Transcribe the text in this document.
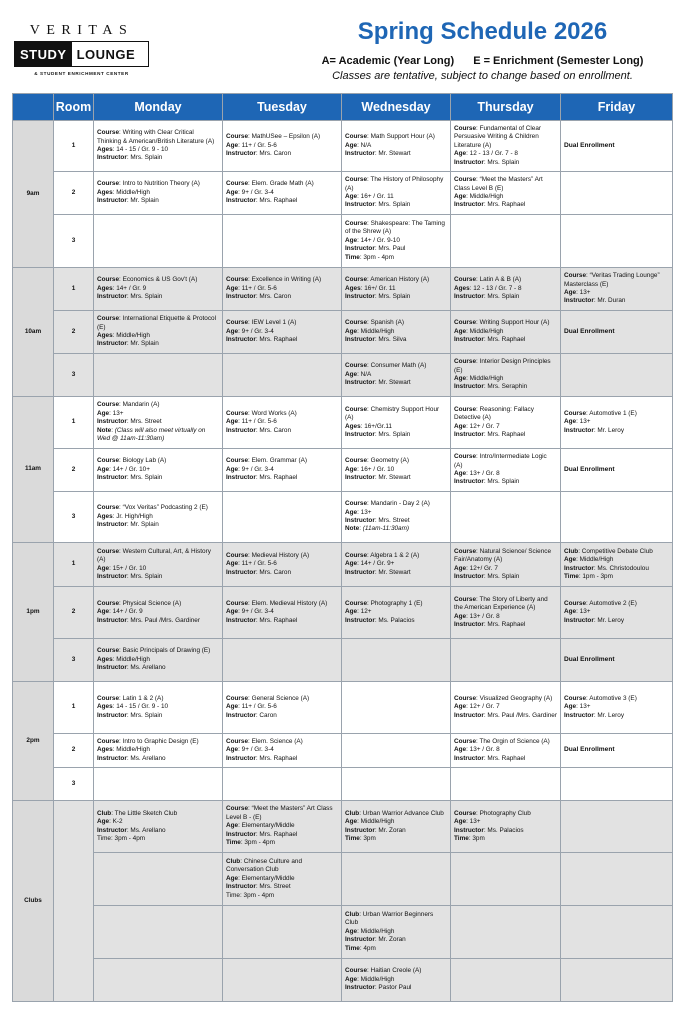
VERITAS
STUDY LOUNGE
& STUDENT ENRICHMENT CENTER
Spring Schedule 2026
A= Academic (Year Long) E = Enrichment (Semester Long)
Classes are tentative, subject to change based on enrollment.
	Room	Monday	Tuesday	Wednesday	Thursday	Friday
9am	1	Course: Writing with Clear Critical Thinking & American/British Literature (A)
Ages: 14 - 15 / Gr. 9 - 10
Instructor: Mrs. Splain	Course: MathUSee – Epsilon (A)
Age: 11+ / Gr. 5-6
Instructor: Mrs. Caron	Course: Math Support Hour (A)
Age: N/A
Instructor: Mr. Stewart	Course: Fundamental of Clear Persuasive Writing & Children Literature (A)
Age: 12 - 13 / Gr. 7 - 8
Instructor: Mrs. Splain	Dual Enrollment
	2	Course: Intro to Nutrition Theory (A)
Ages: Middle/High
Instructor: Mr. Splain	Course: Elem. Grade Math (A)
Age: 9+ / Gr. 3-4
Instructor: Mrs. Raphael	Course: The History of Philosophy (A)
Age: 16+ / Gr. 11
Instructor: Mrs. Splain	Course: “Meet the Masters” Art Class Level B (E)
Age: Middle/High
Instructor: Mrs. Raphael	

	3			Course: Shakespeare: The Taming of the Shrew (A)
Age: 14+ / Gr. 9-10
Instructor: Mrs. Paul
Time: 3pm - 4pm		

10am	1	Course: Economics & US Gov't (A)
Ages: 14+ / Gr. 9
Instructor: Mrs. Splain	Course: Excellence in Writing (A)
Age: 11+ / Gr. 5-6
Instructor: Mrs. Caron	Course: American History (A)
Ages: 16+/ Gr. 11
Instructor: Mrs. Splain	Course: Latin A & B (A)
Ages: 12 - 13 / Gr. 7 - 8
Instructor: Mrs. Splain	Course: “Veritas Trading Lounge” Masterclass (E)
Age: 13+
Instructor: Mr. Duran

	2	Course: International Etiquette & Protocol (E)
Ages: Middle/High
Instructor: Mr. Splain	Course: IEW Level 1 (A)
Age: 9+ / Gr. 3-4
Instructor: Mrs. Raphael	Course: Spanish (A)
Age: Middle/High
Instructor: Mrs. Silva	Course: Writing Support Hour (A)
Age: Middle/High
Instructor: Mrs. Raphael	Dual Enrollment
	3			Course: Consumer Math (A)
Age: N/A
Instructor: Mr. Stewart	Course: Interior Design Principles (E)
Age: Middle/High
Instructor: Mrs. Seraphin	

11am	1	Course: Mandarin (A)
Age: 13+
Instructor: Mrs. Street
Note: (Class will also meet virtually on Wed @ 11am-11:30am)	Course: Word Works (A)
Age: 11+ / Gr. 5-6
Instructor: Mrs. Caron	Course: Chemistry Support Hour (A)
Ages: 16+/Gr.11
Instructor: Mrs. Splain	Course: Reasoning: Fallacy Detective (A)
Age: 12+ / Gr. 7
Instructor: Mrs. Raphael	Course: Automotive 1 (E)
Age: 13+
Instructor: Mr. Leroy

	2	Course: Biology Lab (A)
Age: 14+ / Gr. 10+
Instructor: Mrs. Splain	Course: Elem. Grammar (A)
Age: 9+ / Gr. 3-4
Instructor: Mrs. Raphael	Course: Geometry (A)
Age: 16+ / Gr. 10
Instructor: Mr. Stewart	Course: Intro/Intermediate Logic (A)
Age: 13+ / Gr. 8
Instructor: Mrs. Splain	Dual Enrollment
	3	Course: “Vox Veritas” Podcasting 2 (E)
Ages: Jr. High/High
Instructor: Mr. Splain		Course: Mandarin - Day 2 (A)
Age: 13+
Instructor: Mrs. Street
Note: (11am-11:30am)		

1pm	1	Course: Western Cultural, Art, & History (A)
Age: 15+ / Gr. 10
Instructor: Mrs. Splain	Course: Medieval History (A)
Age: 11+ / Gr. 5-6
Instructor: Mrs. Caron	Course: Algebra 1 & 2 (A)
Age: 14+ / Gr. 9+
Instructor: Mr. Stewart	Course: Natural Science/ Science Fair/Anatomy (A)
Age: 12+/ Gr. 7
Instructor: Mrs. Splain	Club: Competitive Debate Club
Age: Middle/High
Instructor: Ms. Christodoulou
Time: 1pm - 3pm

	2	Course: Physical Science (A)
Age: 14+ / Gr. 9
Instructor: Mrs. Paul /Mrs. Gardiner	Course: Elem. Medieval History (A)
Age: 9+ / Gr. 3-4
Instructor: Mrs. Raphael	Course: Photography 1 (E)
Age: 12+
Instructor: Ms. Palacios	Course: The Story of Liberty and the American Experience (A)
Age: 13+ / Gr. 8
Instructor: Mrs. Raphael	Course: Automotive 2 (E)
Age: 13+
Instructor: Mr. Leroy

	3	Course: Basic Principals of Drawing (E)
Ages: Middle/High
Instructor: Ms. Arellano				Dual Enrollment
2pm	1	Course: Latin 1 & 2 (A)
Ages: 14 - 15 / Gr. 9 - 10
Instructor: Mrs. Splain	Course: General Science (A)
Age: 11+ / Gr. 5-6
Instructor: Caron		Course: Visualized Geography (A)
Age: 12+ / Gr. 7
Instructor: Mrs. Paul /Mrs. Gardiner	Course: Automotive 3 (E)
Age: 13+
Instructor: Mr. Leroy

	2	Course: Intro to Graphic Design (E)
Ages: Middle/High
Instructor: Ms. Arellano	Course: Elem. Science (A)
Age: 9+ / Gr. 3-4
Instructor: Mrs. Raphael		Course: The Orgin of Science (A)
Age: 13+ / Gr. 8
Instructor: Mrs. Raphael	Dual Enrollment
	3					
Clubs		Club: The Little Sketch Club
Age: K-2
Instructor: Ms. Arellano
Time: 3pm - 4pm	Course: “Meet the Masters” Art Class Level B - (E)
Age: Elementary/Middle
Instructor: Mrs. Raphael
Time: 3pm - 4pm	Club: Urban Warrior Advance Club
Age: Middle/High
Instructor: Mr. Zoran
Time: 3pm	Course: Photography Club
Age: 13+
Instructor: Ms. Palacios
Time: 3pm	

			Club: Chinese Culture and Conversation Club
Age: Elementary/Middle
Instructor: Mrs. Street
Time: 3pm - 4pm			

				Club: Urban Warrior Beginners Club
Age: Middle/High
Instructor: Mr. Zoran
Time: 4pm		

				Course: Haitian Creole (A)
Age: Middle/High
Instructor: Pastor Paul		
